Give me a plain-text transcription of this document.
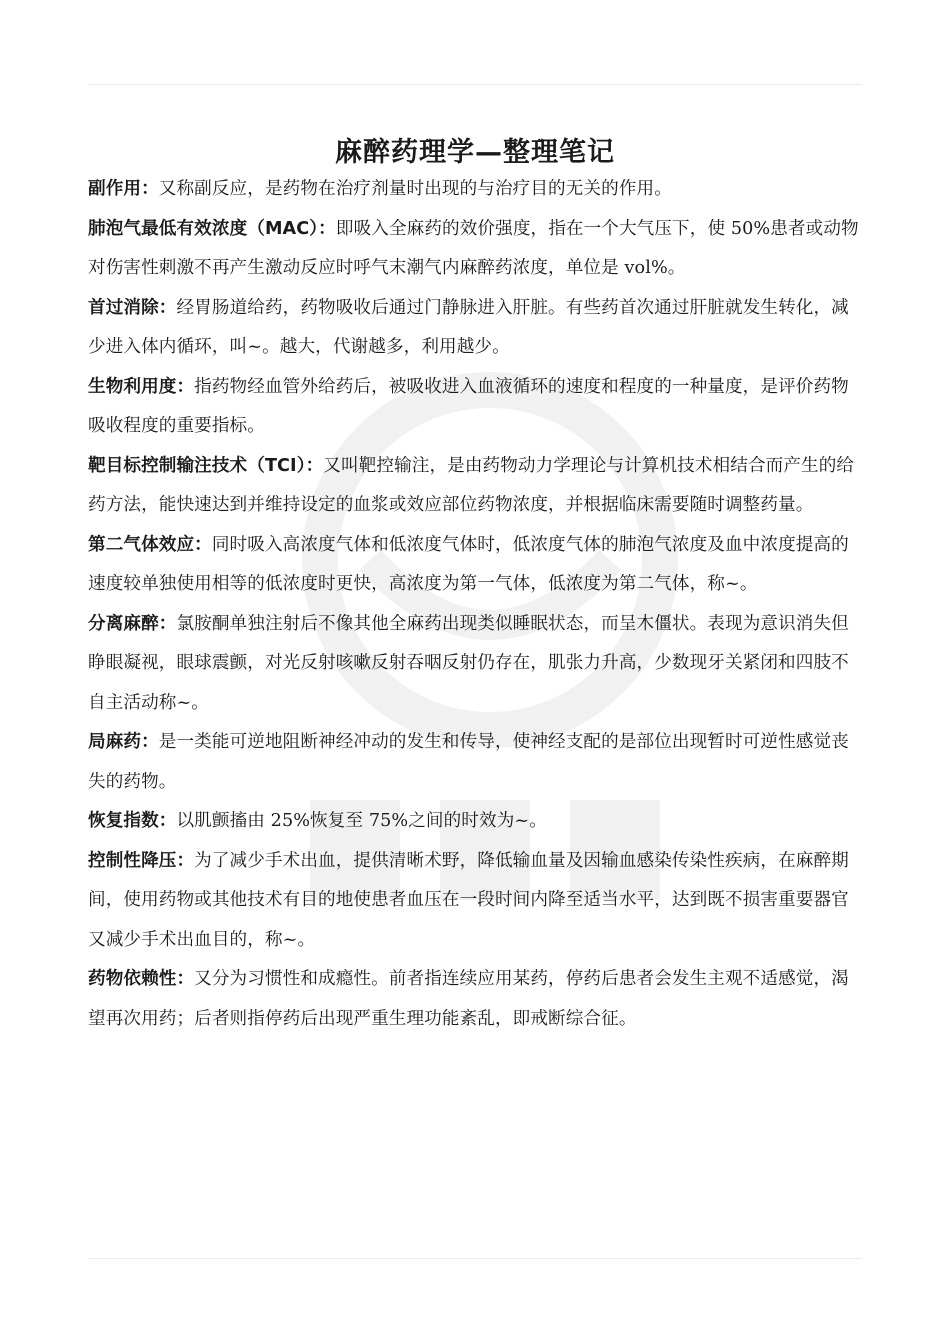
麻醉药理学—整理笔记

副作用：又称副反应，是药物在治疗剂量时出现的与治疗目的无关的作用。

肺泡气最低有效浓度（MAC）：即吸入全麻药的效价强度，指在一个大气压下，使 50%患者或动物对伤害性刺激不再产生激动反应时呼气末潮气内麻醉药浓度，单位是 vol%。

首过消除：经胃肠道给药，药物吸收后通过门静脉进入肝脏。有些药首次通过肝脏就发生转化，减少进入体内循环，叫~。越大，代谢越多，利用越少。

生物利用度：指药物经血管外给药后，被吸收进入血液循环的速度和程度的一种量度，是评价药物吸收程度的重要指标。

靶目标控制输注技术（TCI）：又叫靶控输注，是由药物动力学理论与计算机技术相结合而产生的给药方法，能快速达到并维持设定的血浆或效应部位药物浓度，并根据临床需要随时调整药量。

第二气体效应：同时吸入高浓度气体和低浓度气体时，低浓度气体的肺泡气浓度及血中浓度提高的速度较单独使用相等的低浓度时更快，高浓度为第一气体，低浓度为第二气体，称~。

分离麻醉：氯胺酮单独注射后不像其他全麻药出现类似睡眠状态，而呈木僵状。表现为意识消失但睁眼凝视，眼球震颤，对光反射咳嗽反射吞咽反射仍存在，肌张力升高，少数现牙关紧闭和四肢不自主活动称~。

局麻药：是一类能可逆地阻断神经冲动的发生和传导，使神经支配的是部位出现暂时可逆性感觉丧失的药物。

恢复指数：以肌颤搐由 25%恢复至 75%之间的时效为~。

控制性降压：为了减少手术出血，提供清晰术野，降低输血量及因输血感染传染性疾病，在麻醉期间，使用药物或其他技术有目的地使患者血压在一段时间内降至适当水平，达到既不损害重要器官又减少手术出血目的，称~。

药物依赖性：又分为习惯性和成瘾性。前者指连续应用某药，停药后患者会发生主观不适感觉，渴望再次用药；后者则指停药后出现严重生理功能紊乱，即戒断综合征。
